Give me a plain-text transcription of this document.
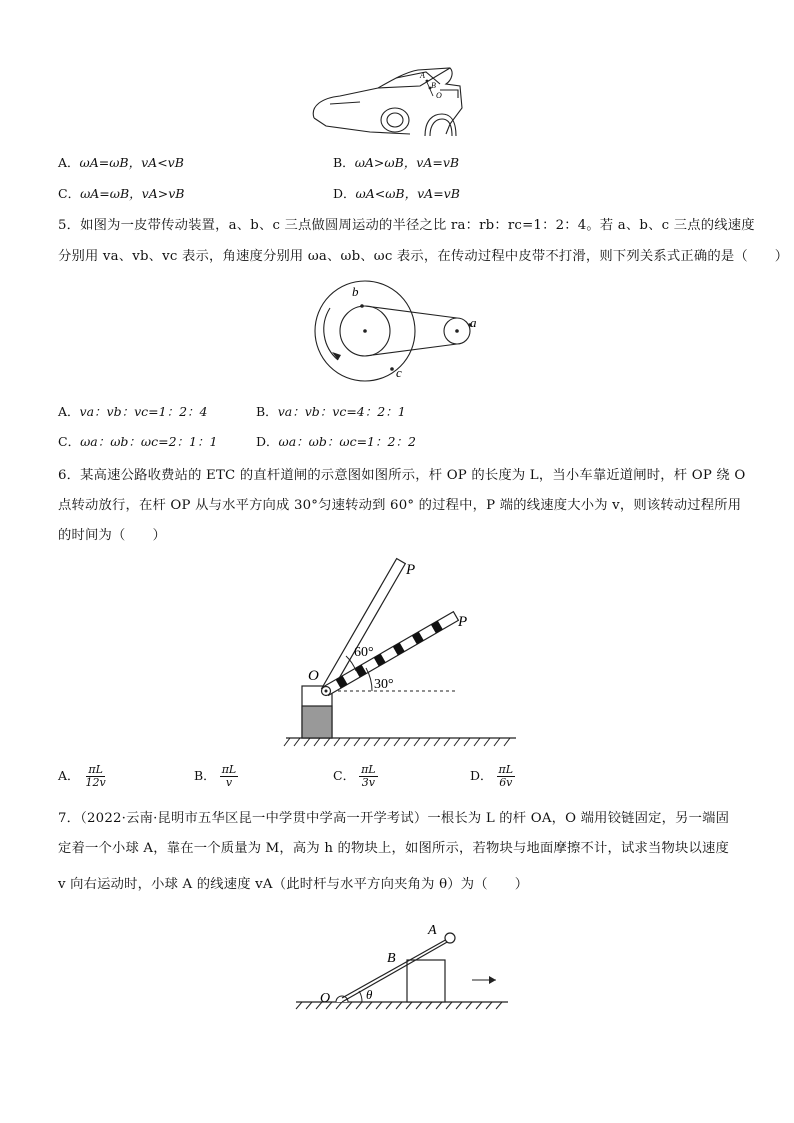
A
B
O
A．ωA=ωB，vA<vB	B．ωA>ωB，vA=vB
C．ωA=ωB，vA>vB	D．ωA<ωB，vA=vB
5．如图为一皮带传动装置，a、b、c 三点做圆周运动的半径之比 ra：rb：rc=1：2：4。若 a、b、c 三点的线速度
分别用 va、vb、vc 表示，角速度分别用 ωa、ωb、ωc 表示，在传动过程中皮带不打滑，则下列关系式正确的是（　　）
b
a
c
A．va：vb：vc=1：2：4	B．va：vb：vc=4：2：1
C．ωa：ωb：ωc=2：1：1	D．ωa：ωb：ωc=1：2：2
6．某高速公路收费站的 ETC 的直杆道闸的示意图如图所示，杆 OP 的长度为 L，当小车靠近道闸时，杆 OP 绕 O
点转动放行，在杆 OP 从与水平方向成 30°匀速转动到 60° 的过程中，P 端的线速度大小为 v，则该转动过程所用
的时间为（　　）
P
P
O
60°
30°
A． $\frac{\pi L}{12v}$	B． $\frac{\pi L}{v}$	C． $\frac{\pi L}{3v}$	D． $\frac{\pi L}{6v}$
7．（2022·云南·昆明市五华区昆一中学贯中学高一开学考试）一根长为 L 的杆 OA，O 端用铰链固定，另一端固
定着一个小球 A，靠在一个质量为 M，高为 h 的物块上，如图所示，若物块与地面摩擦不计，试求当物块以速度
v 向右运动时，小球 A 的线速度 vA（此时杆与水平方向夹角为 θ）为（　　）
O
B
A
θ
